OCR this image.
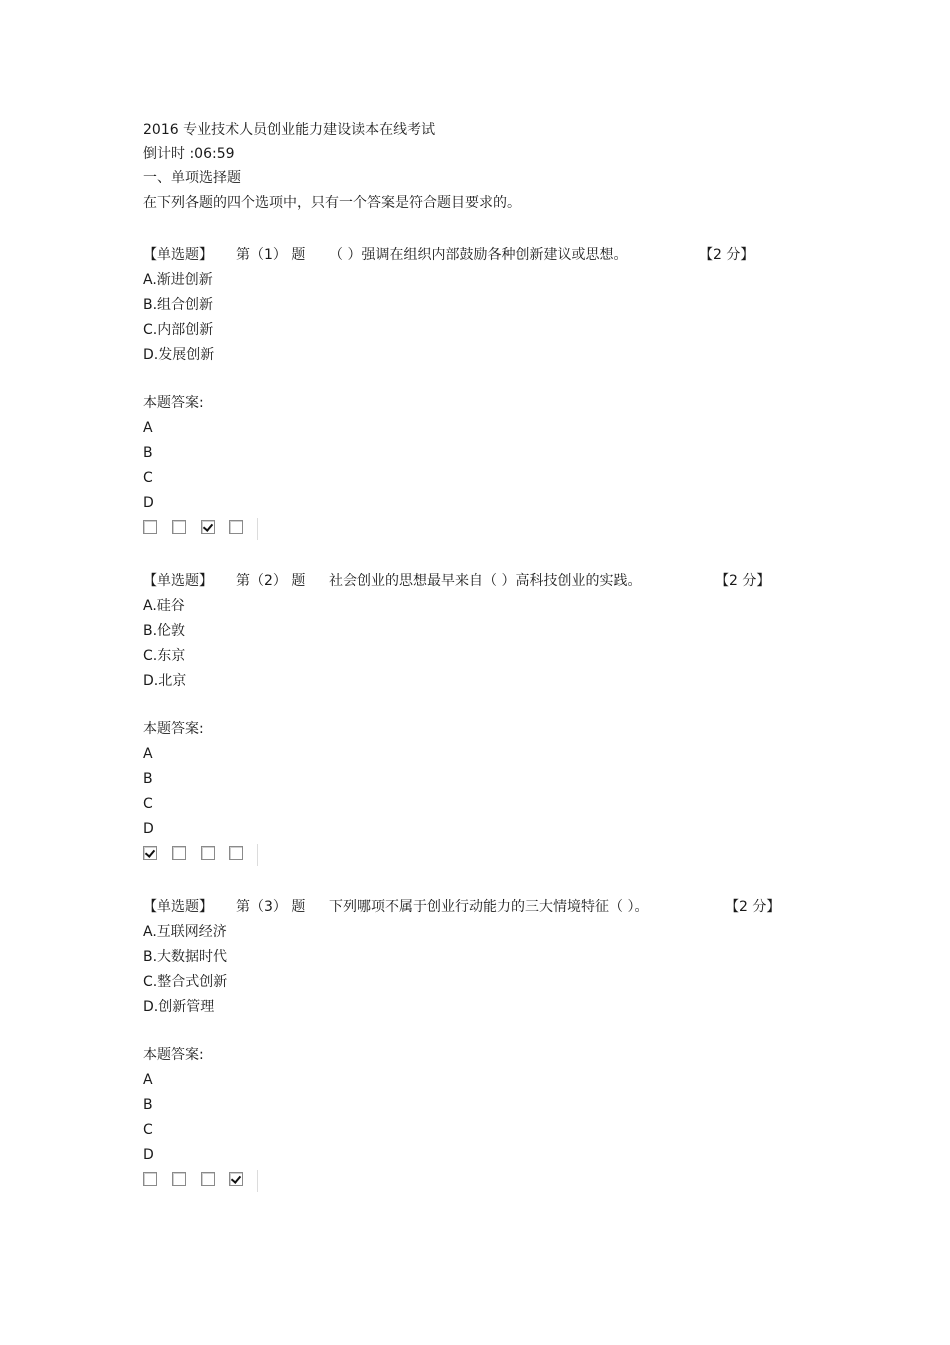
2016 专业技术人员创业能力建设读本在线考试
倒计时 :06:59
一、单项选择题
在下列各题的四个选项中，只有一个答案是符合题目要求的。
【单选题】 第（1） 题 （ ）强调在组织内部鼓励各种创新建议或思想。	【2 分】
A.渐进创新
B.组合创新
C.内部创新
D.发展创新
本题答案:
A
B
C
D
【单选题】 第（2） 题 社会创业的思想最早来自（ ）高科技创业的实践。	【2 分】
A.硅谷
B.伦敦
C.东京
D.北京
本题答案:
A
B
C
D
【单选题】 第（3） 题 下列哪项不属于创业行动能力的三大情境特征（ ）。	【2 分】
A.互联网经济
B.大数据时代
C.整合式创新
D.创新管理
本题答案:
A
B
C
D
